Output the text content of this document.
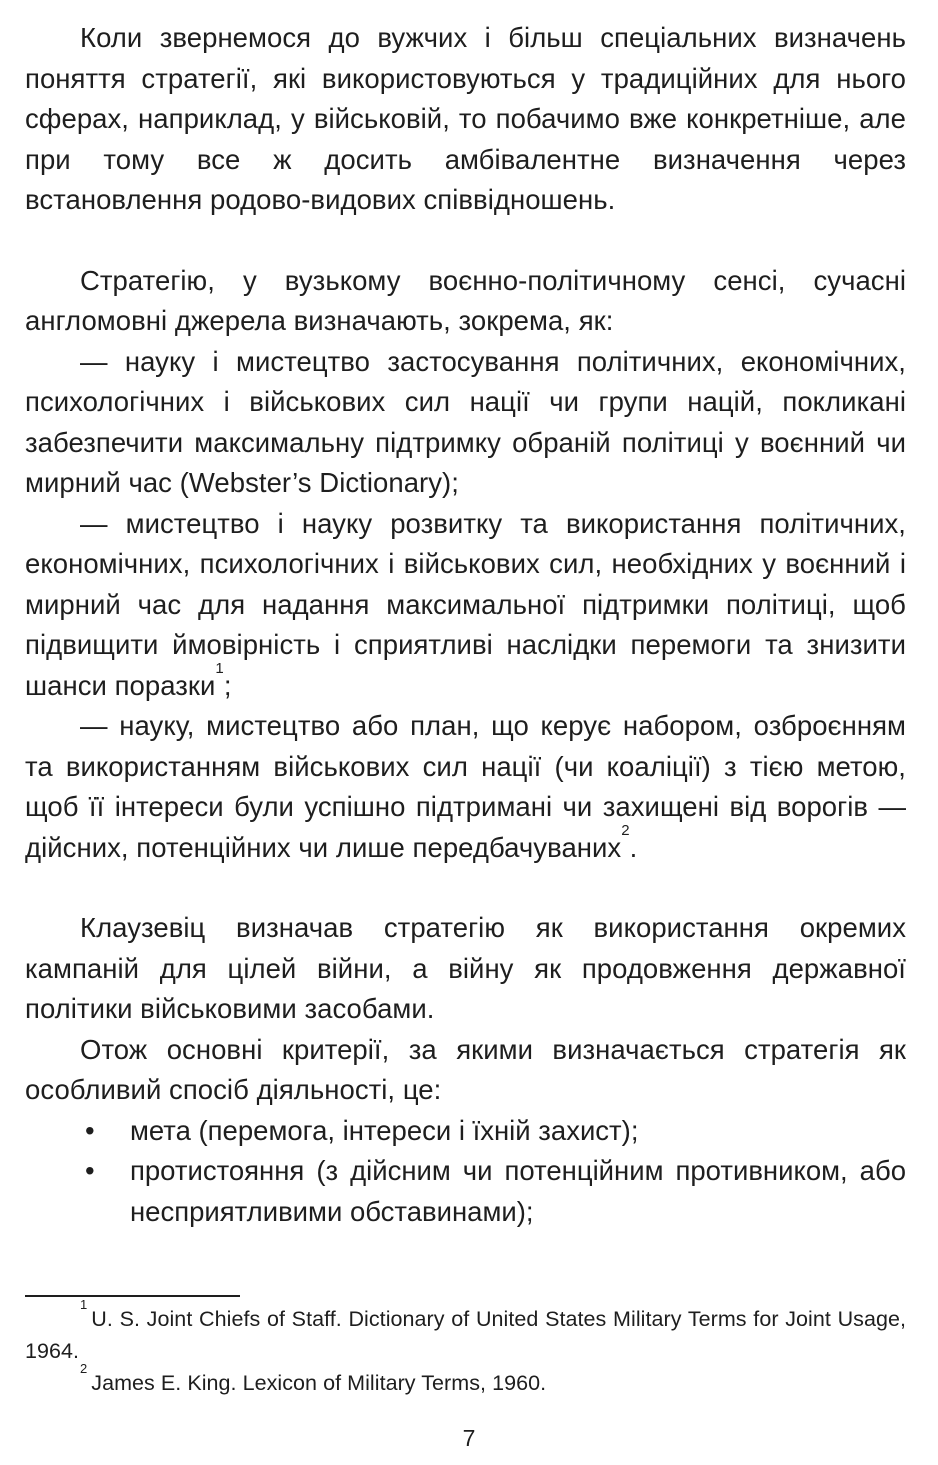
Коли звернемося до вужчих і більш спеціальних визначень поняття стратегії, які використовуються у традиційних для нього сферах, наприклад, у військовій, то побачимо вже конкретніше, але при тому все ж досить амбівалентне визначення через встановлення родово-видових співвідношень.

Стратегію, у вузькому воєнно-політичному сенсі, сучасні англомовні джерела визначають, зокрема, як:

— науку і мистецтво застосування політичних, економічних, психологічних і військових сил нації чи групи націй, покликані забезпечити максимальну підтримку обраній політиці у воєнний чи мирний час (Webster’s Dictionary);

— мистецтво і науку розвитку та використання політичних, економічних, психологічних і військових сил, необхідних у воєнний і мирний час для надання максимальної підтримки політиці, щоб підвищити ймовірність і сприятливі наслідки перемоги та знизити шанси поразки$^1$;

— науку, мистецтво або план, що керує набором, озброєнням та використанням військових сил нації (чи коаліції) з тією метою, щоб її інтереси були успішно підтримані чи захищені від ворогів — дійсних, потенційних чи лише передбачуваних$^2$.

Клаузевіц визначав стратегію як використання окремих кампаній для цілей війни, а війну як продовження державної політики військовими засобами.

Отож основні критерії, за якими визначається стратегія як особливий спосіб діяльності, це:

• мета (перемога, інтереси і їхній захист);
• протистояння (з дійсним чи потенційним противником, або несприятливими обставинами);

$^1$U. S. Joint Chiefs of Staff. Dictionary of United States Military Terms for Joint Usage, 1964.

$^2$James E. King. Lexicon of Military Terms, 1960.

7
